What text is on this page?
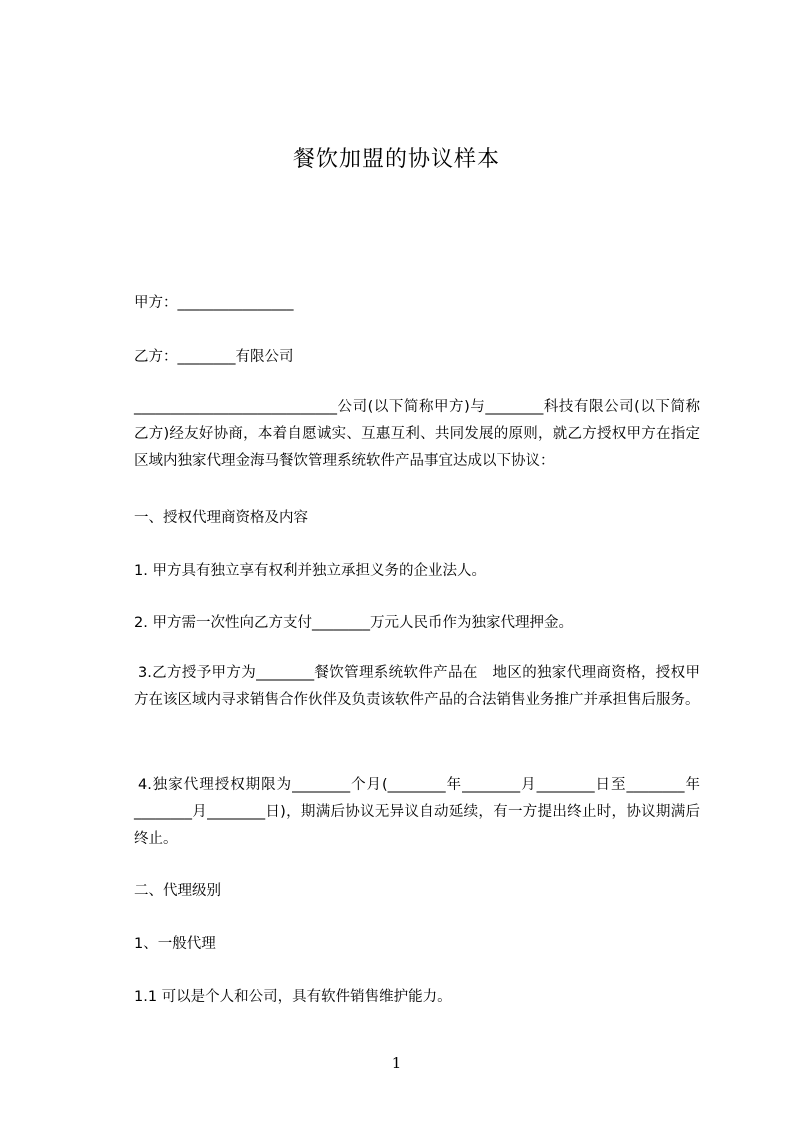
餐饮加盟的协议样本
甲方：________________
乙方：________有限公司
____________________________公司(以下简称甲方)与________科技有限公司(以下简称乙方)经友好协商，本着自愿诚实、互惠互利、共同发展的原则，就乙方授权甲方在指定区域内独家代理金海马餐饮管理系统软件产品事宜达成以下协议：
一、授权代理商资格及内容
1. 甲方具有独立享有权利并独立承担义务的企业法人。
2. 甲方需一次性向乙方支付________万元人民币作为独家代理押金。
3.乙方授予甲方为________餐饮管理系统软件产品在　地区的独家代理商资格，授权甲方在该区域内寻求销售合作伙伴及负责该软件产品的合法销售业务推广并承担售后服务。
4.独家代理授权期限为________个月(________年________月________日至________年________月________日)，期满后协议无异议自动延续，有一方提出终止时，协议期满后终止。
二、代理级别
1、一般代理
1.1 可以是个人和公司，具有软件销售维护能力。
1
